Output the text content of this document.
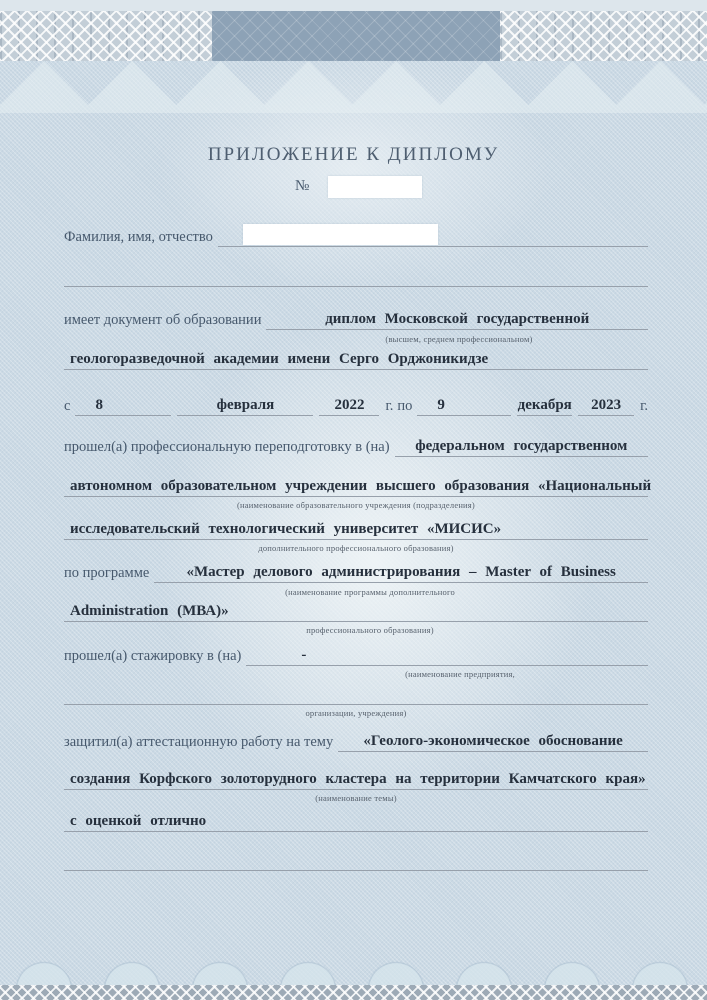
ПРИЛОЖЕНИЕ К ДИПЛОМУ
№
Фамилия, имя, отчество
имеет документ об образовании	диплом Московской государственной
(высшем, среднем профессиональном)
геологоразведочной академии имени Серго Орджоникидзе
с	8	февраля	2022	г. по	9	декабря	2023	г.
прошел(а) профессиональную переподготовку в (на)	федеральном государственном
автономном образовательном учреждении высшего образования «Национальный
(наименование образовательного учреждения (подразделения)
исследовательский технологический университет «МИСИС»
дополнительного профессионального образования)
по программе	«Мастер делового администрирования – Master of Business
(наименование программы дополнительного
Administration (МВА)»
профессионального образования)
прошел(а) стажировку в (на)	-
(наименование предприятия,
организации, учреждения)
защитил(а) аттестационную работу на тему	«Геолого-экономическое обоснование
создания Корфского золоторудного кластера на территории Камчатского края»
(наименование темы)
с оценкой отлично
